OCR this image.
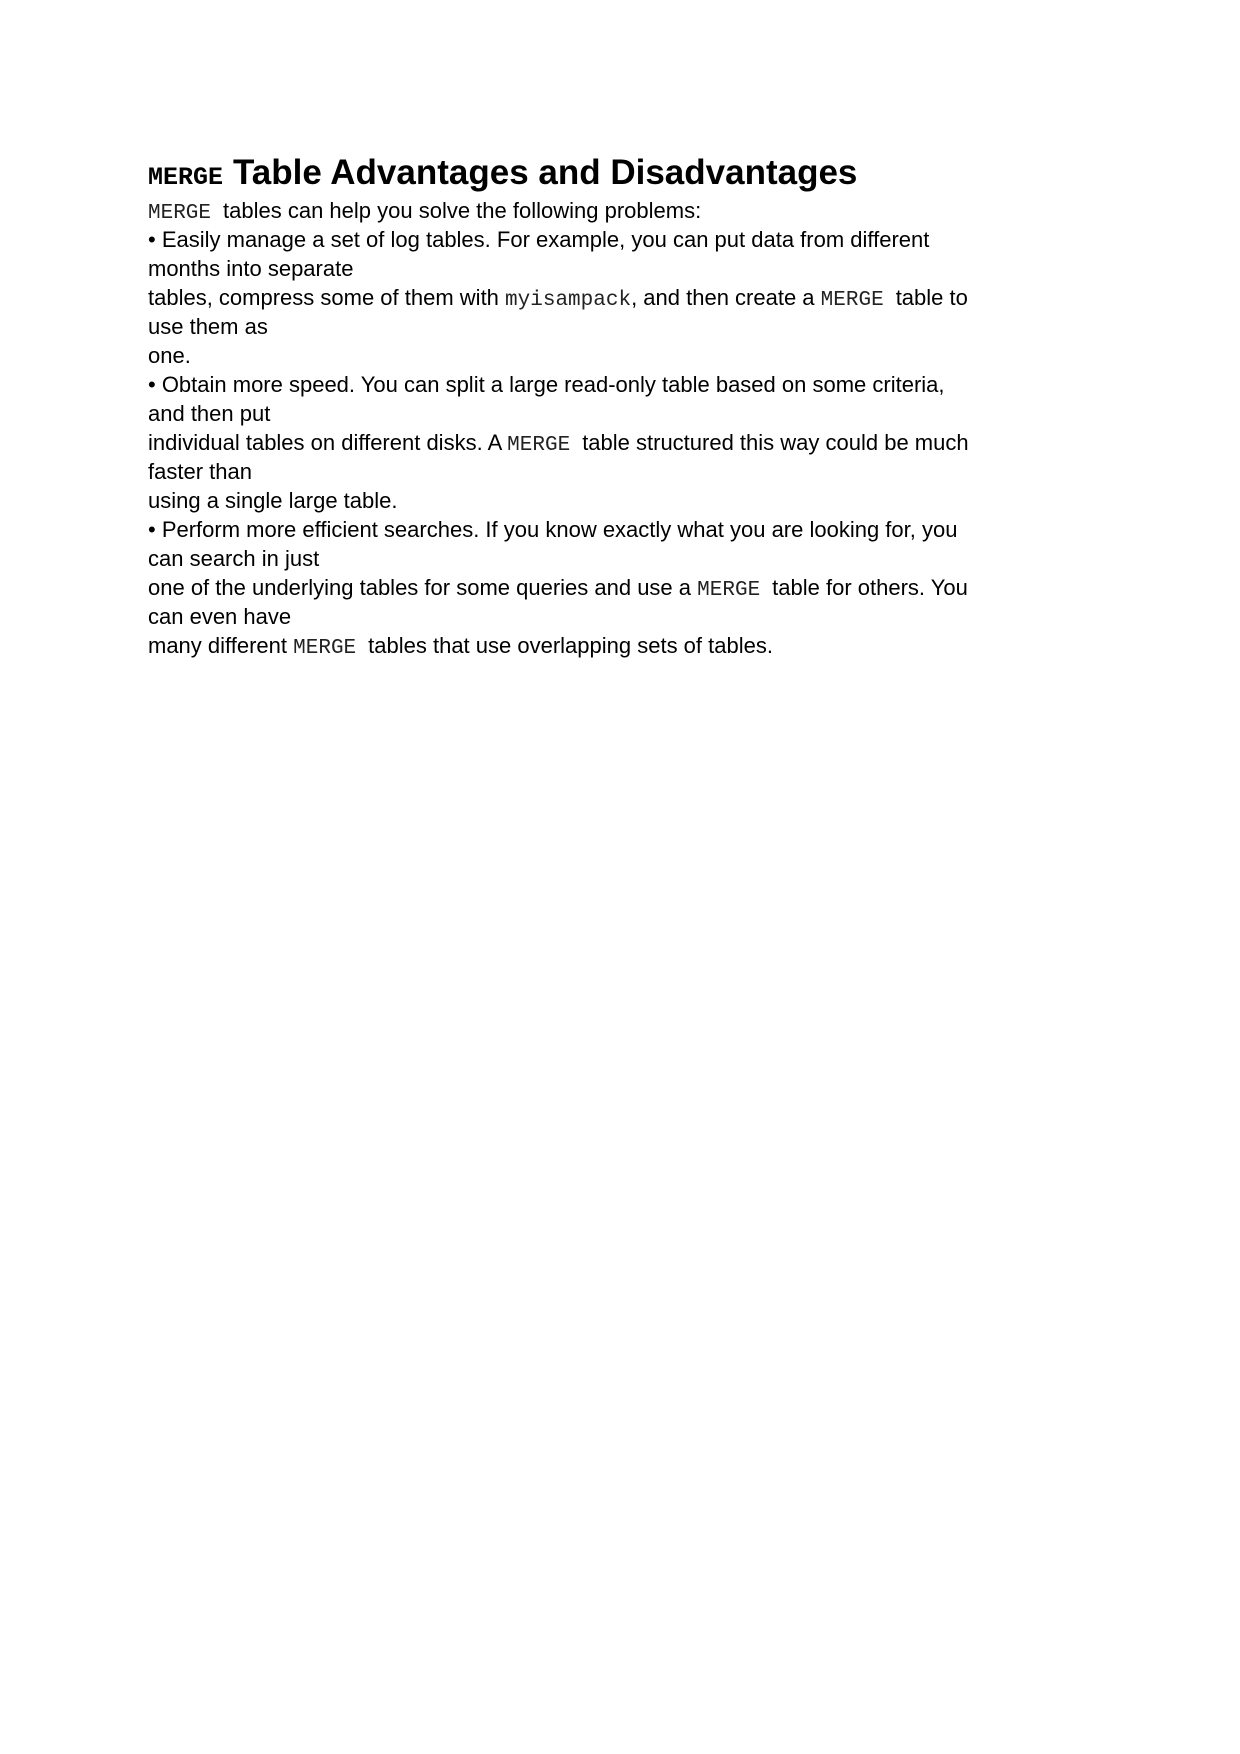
MERGE Table Advantages and Disadvantages
MERGE tables can help you solve the following problems:
• Easily manage a set of log tables. For example, you can put data from different
months into separate
tables, compress some of them with myisampack, and then create a MERGE table to
use them as
one.
• Obtain more speed. You can split a large read-only table based on some criteria,
and then put
individual tables on different disks. A MERGE table structured this way could be much
faster than
using a single large table.
• Perform more efficient searches. If you know exactly what you are looking for, you
can search in just
one of the underlying tables for some queries and use a MERGE table for others. You
can even have
many different MERGE tables that use overlapping sets of tables.
